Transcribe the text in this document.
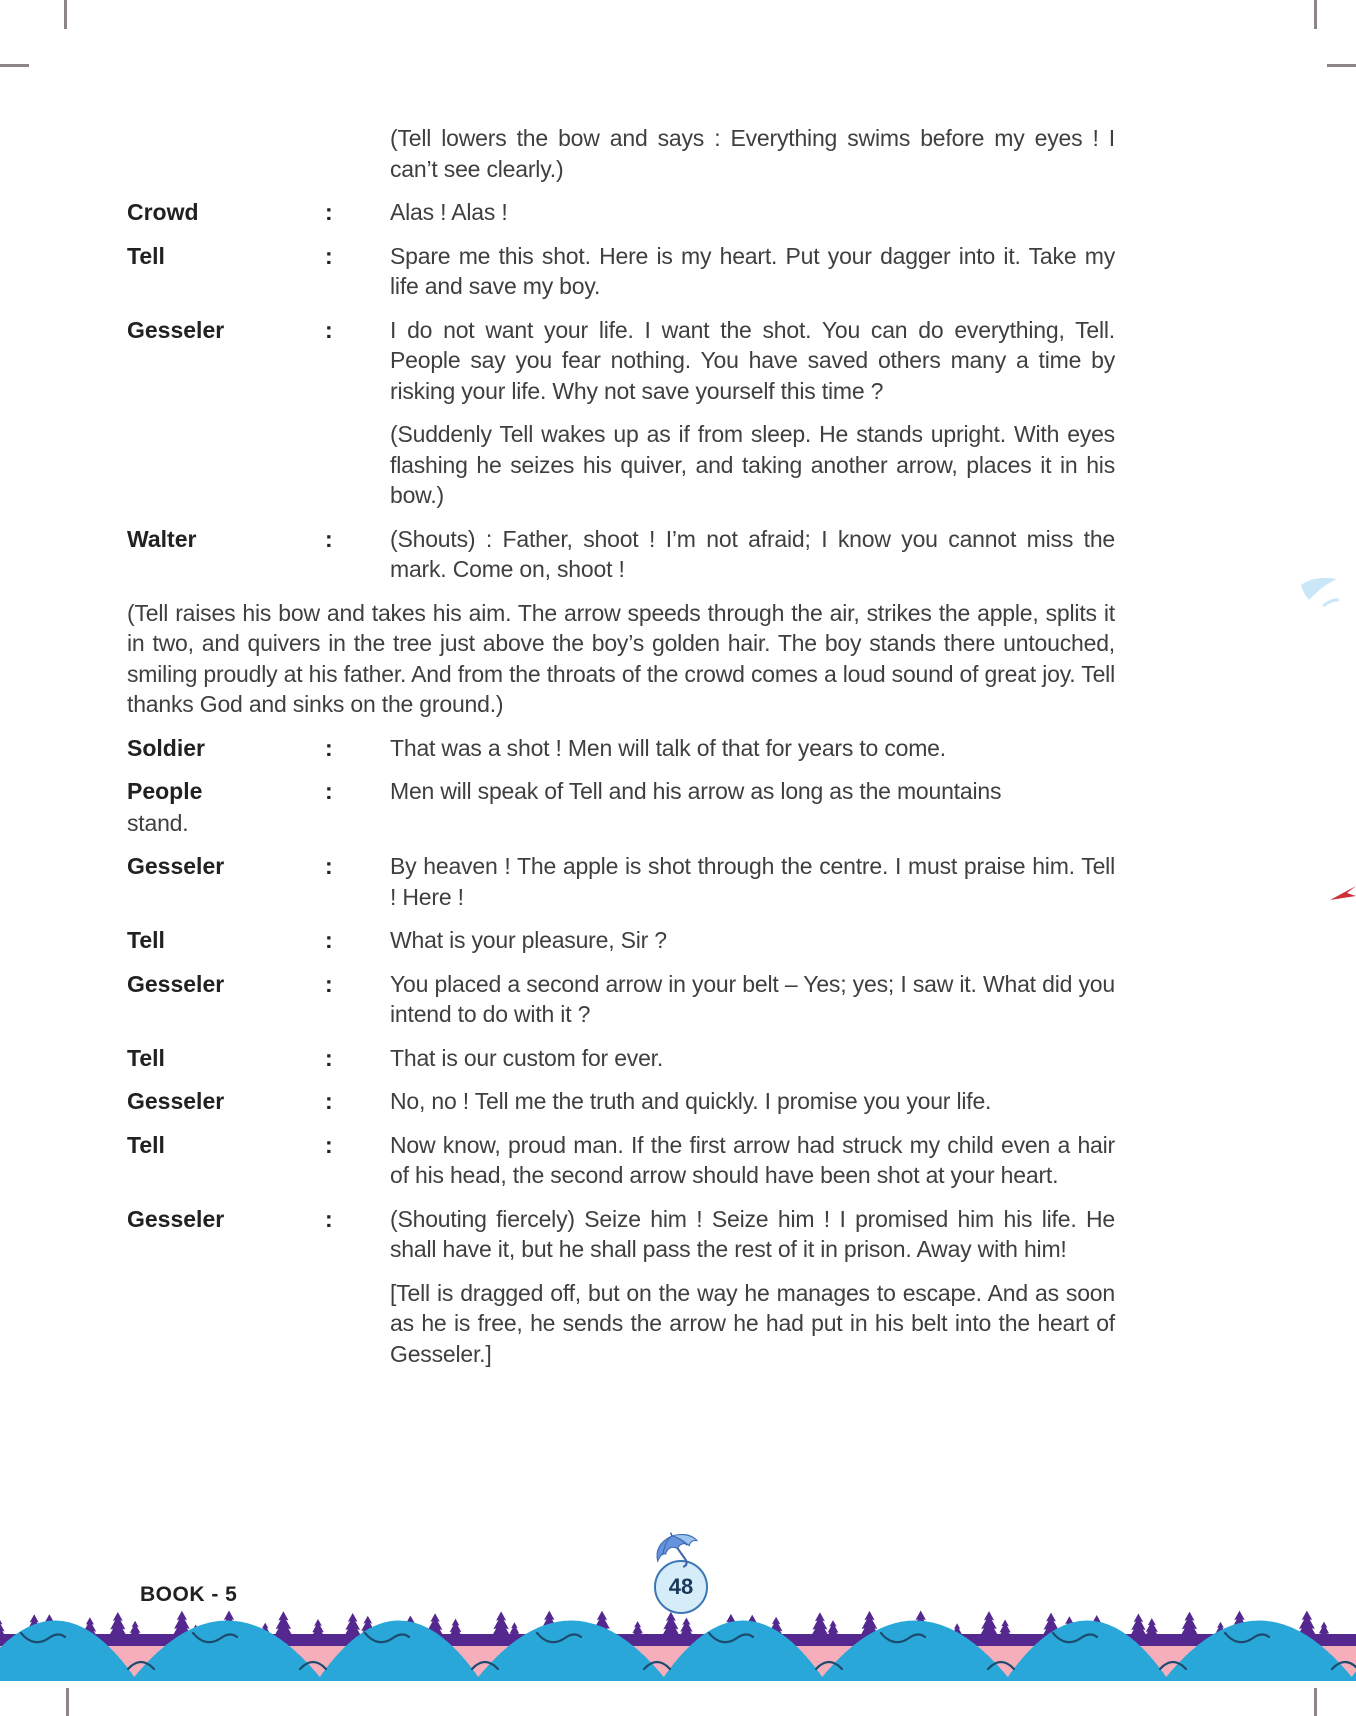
(Tell lowers the bow and says : Everything swims before my eyes ! I can’t see clearly.)
Crowd	:	Alas ! Alas !
Tell	:	Spare me this shot. Here is my heart. Put your dagger into it. Take my life and save my boy.
Gesseler	:	I do not want your life. I want the shot. You can do everything, Tell. People say you fear nothing. You have saved others many a time by risking your life. Why not save yourself this time ?
(Suddenly Tell wakes up as if from sleep. He stands upright. With eyes flashing he seizes his quiver, and taking another arrow, places it in his bow.)
Walter	:	(Shouts) : Father, shoot ! I’m not afraid; I know you cannot miss the mark. Come on, shoot !
(Tell raises his bow and takes his aim. The arrow speeds through the air, strikes the apple, splits it in two, and quivers in the tree just above the boy’s golden hair. The boy stands there untouched, smiling proudly at his father. And from the throats of the crowd comes a loud sound of great joy. Tell thanks God and sinks on the ground.)
Soldier	:	That was a shot ! Men will talk of that for years to come.
People	:	Men will speak of Tell and his arrow as long as the mountains
stand.
Gesseler	:	By heaven ! The apple is shot through the centre. I must praise him. Tell ! Here !
Tell	:	What is your pleasure, Sir ?
Gesseler	:	You placed a second arrow in your belt – Yes; yes; I saw it. What did you intend to do with it ?
Tell	:	That is our custom for ever.
Gesseler	:	No, no ! Tell me the truth and quickly. I promise you your life.
Tell	:	Now know, proud man. If the first arrow had struck my child even a hair of his head, the second arrow should have been shot at your heart.
Gesseler	:	(Shouting fiercely) Seize him ! Seize him ! I promised him his life. He shall have it, but he shall pass the rest of it in prison. Away with him!
[Tell is dragged off, but on the way he manages to escape. And as soon as he is free, he sends the arrow he had put in his belt into the heart of Gesseler.]
BOOK - 5	48
